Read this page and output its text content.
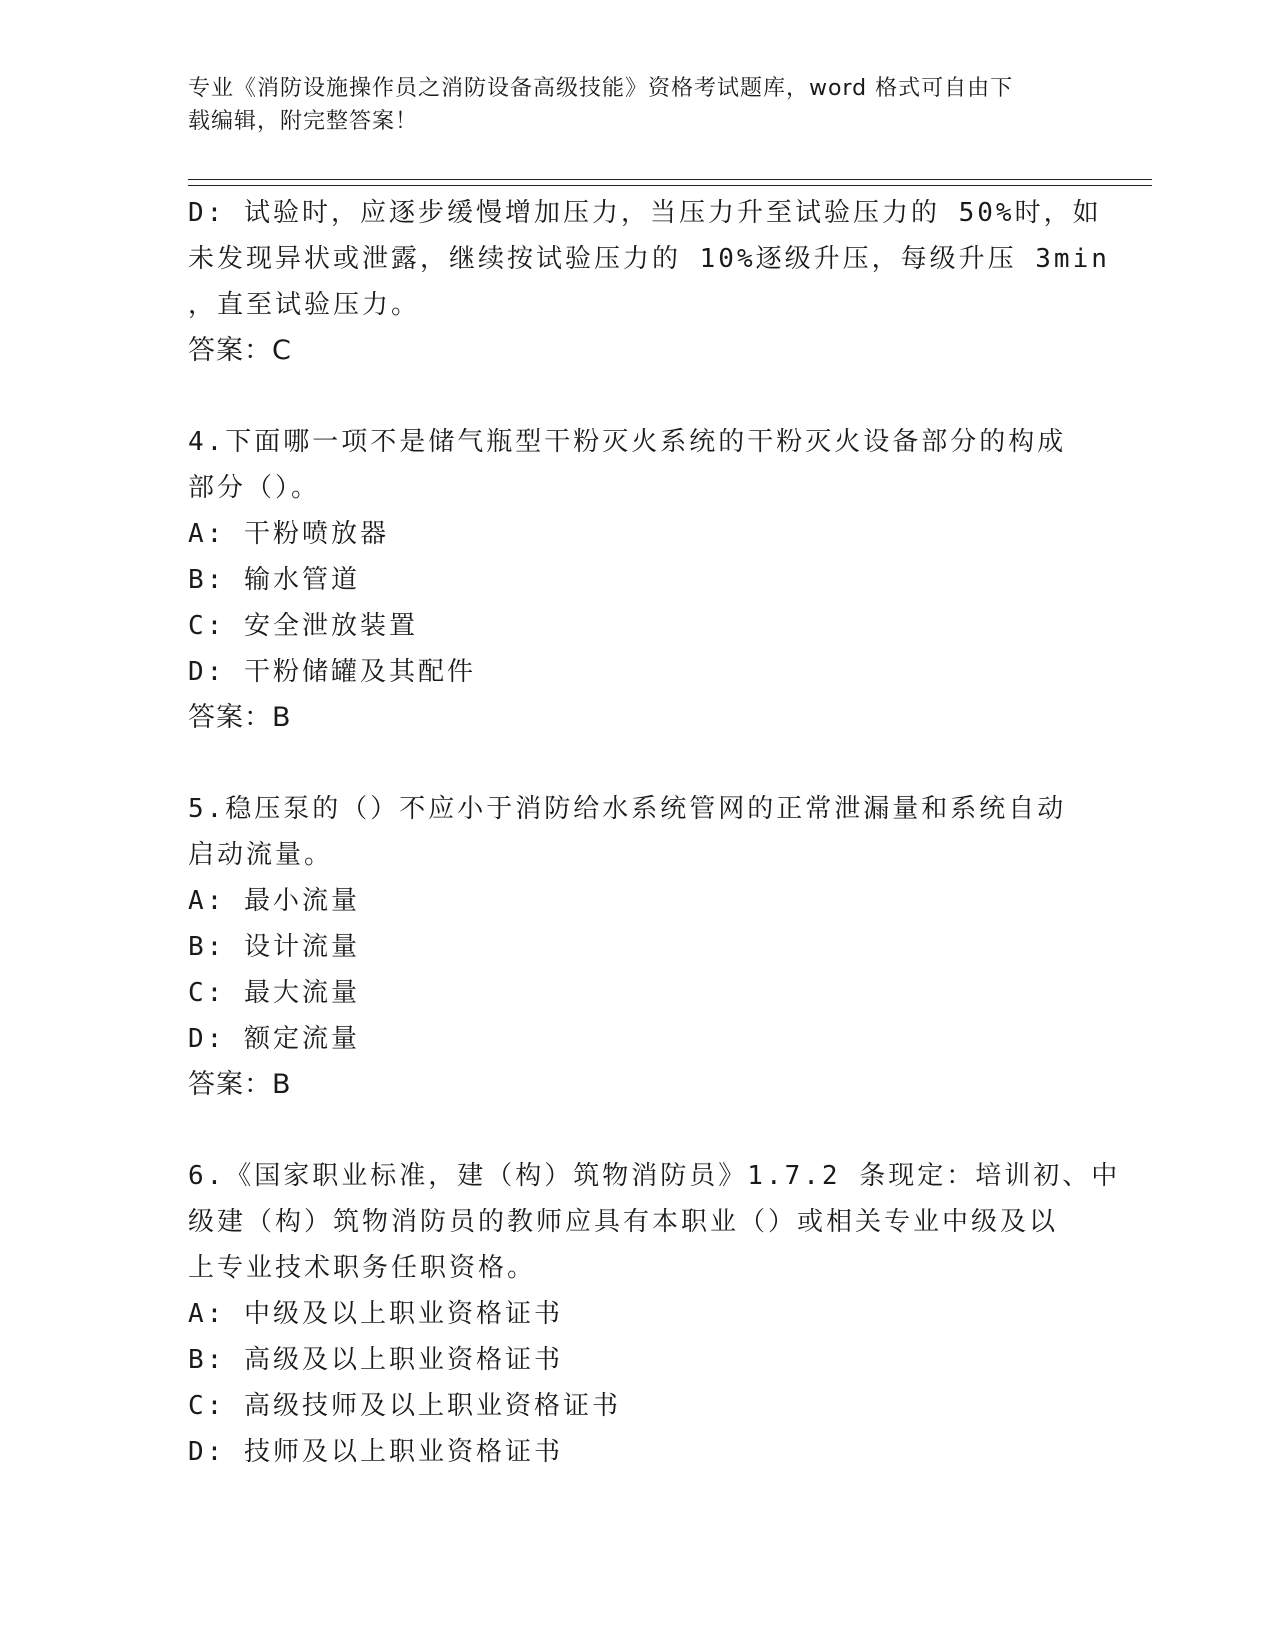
专业《消防设施操作员之消防设备高级技能》资格考试题库，word 格式可自由下
载编辑，附完整答案！
D: 试验时，应逐步缓慢增加压力，当压力升至试验压力的 50%时，如
未发现异状或泄露，继续按试验压力的 10%逐级升压，每级升压 3min
，直至试验压力。
答案：C
4.下面哪一项不是储气瓶型干粉灭火系统的干粉灭火设备部分的构成
部分（）。
A: 干粉喷放器
B: 输水管道
C: 安全泄放装置
D: 干粉储罐及其配件
答案：B
5.稳压泵的（）不应小于消防给水系统管网的正常泄漏量和系统自动
启动流量。
A: 最小流量
B: 设计流量
C: 最大流量
D: 额定流量
答案：B
6.《国家职业标准，建（构）筑物消防员》1.7.2 条现定：培训初、中
级建（构）筑物消防员的教师应具有本职业（）或相关专业中级及以
上专业技术职务任职资格。
A: 中级及以上职业资格证书
B: 高级及以上职业资格证书
C: 高级技师及以上职业资格证书
D: 技师及以上职业资格证书
